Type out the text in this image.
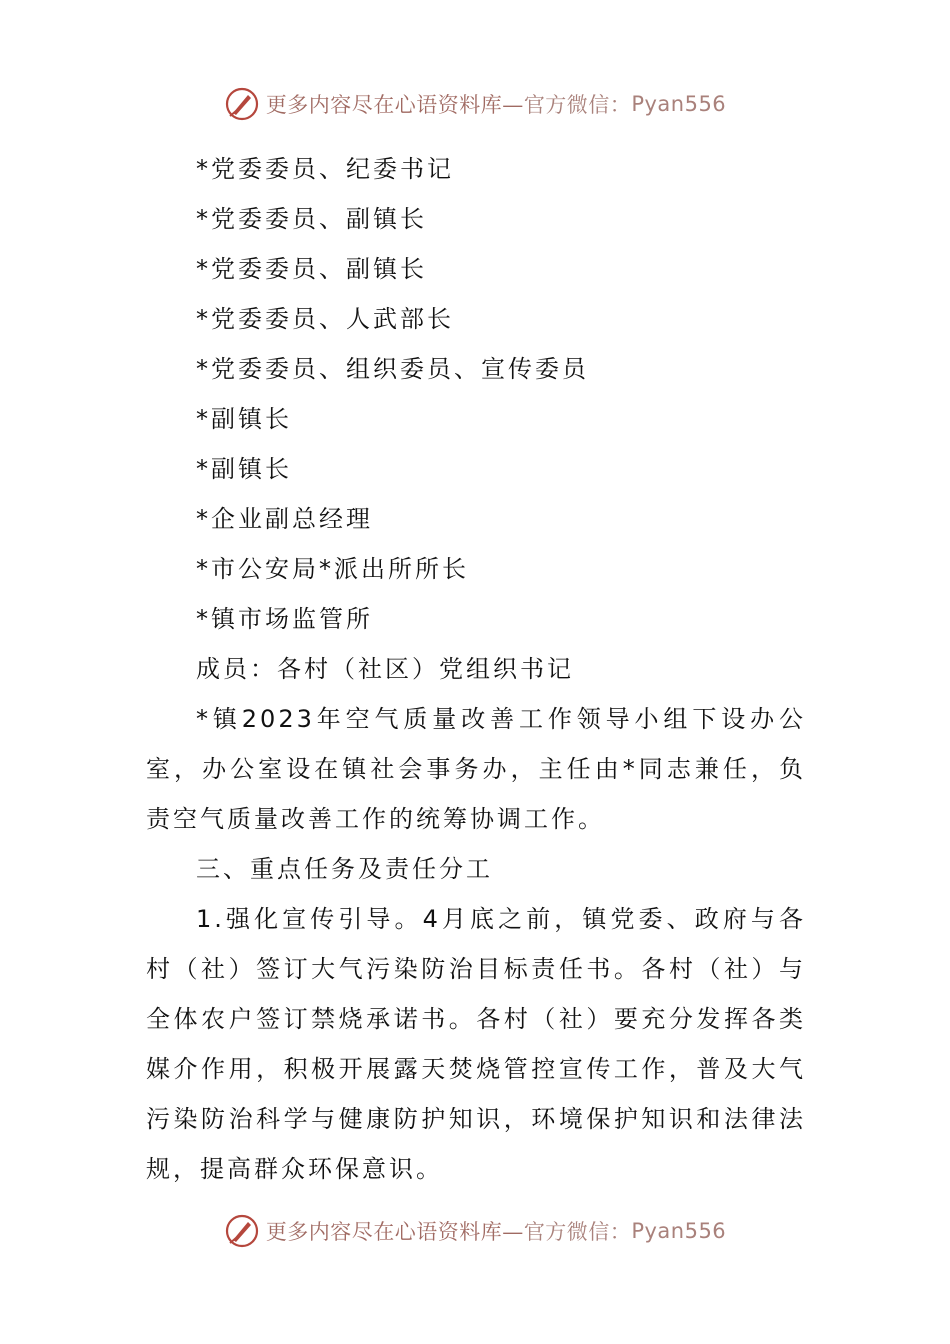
更多内容尽在心语资料库— 官方微信： Pyan556
*党委委员、纪委书记
*党委委员、副镇长
*党委委员、副镇长
*党委委员、人武部长
*党委委员、组织委员、宣传委员
*副镇长
*副镇长
*企业副总经理
*市公安局*派出所所长
*镇市场监管所
成员：各村（社区）党组织书记

*镇2023年空气质量改善工作领导小组下设办公室，办公室设在镇社会事务办，主任由*同志兼任，负责空气质量改善工作的统筹协调工作。

三、重点任务及责任分工

1.强化宣传引导。4月底之前，镇党委、政府与各村（社）签订大气污染防治目标责任书。各村（社）与全体农户签订禁烧承诺书。各村（社）要充分发挥各类媒介作用，积极开展露天焚烧管控宣传工作，普及大气污染防治科学与健康防护知识，环境保护知识和法律法规，提高群众环保意识。

更多内容尽在心语资料库— 官方微信： Pyan556
